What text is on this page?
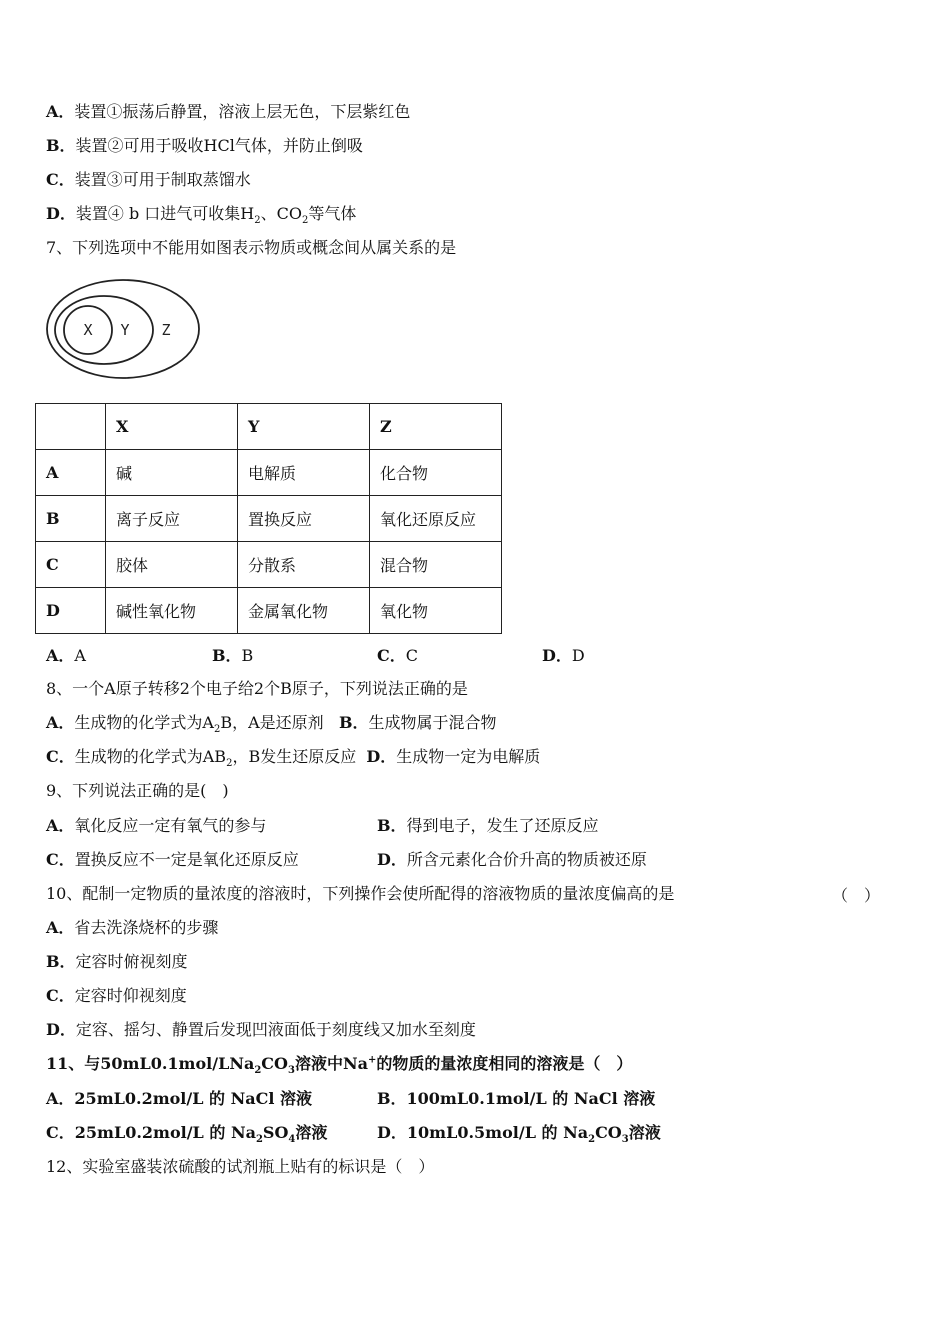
A．装置①振荡后静置，溶液上层无色，下层紫红色
B．装置②可用于吸收HCl气体，并防止倒吸
C．装置③可用于制取蒸馏水
D．装置④ b 口进气可收集$H_2$、$CO_2$等气体
7、下列选项中不能用如图表示物质或概念间从属关系的是
X Y Z
	X	Y	Z
A	碱	电解质	化合物
B	离子反应	置换反应	氧化还原反应
C	胶体	分散系	混合物
D	碱性氧化物	金属氧化物	氧化物
A．A	B．B	C．C	D．D
8、一个A原子转移2个电子给2个B原子，下列说法正确的是
A．生成物的化学式为$A_2B$，A是还原剂 B．生成物属于混合物
C．生成物的化学式为$AB_2$，B发生还原反应 D．生成物一定为电解质
9、下列说法正确的是(　)
A．氧化反应一定有氧气的参与	B．得到电子，发生了还原反应
C．置换反应不一定是氧化还原反应	D．所含元素化合价升高的物质被还原
10、配制一定物质的量浓度的溶液时，下列操作会使所配得的溶液物质的量浓度偏高的是	（　）
A．省去洗涤烧杯的步骤
B．定容时俯视刻度
C．定容时仰视刻度
D．定容、摇匀、静置后发现凹液面低于刻度线又加水至刻度
11、与$50mL0.1mol/LNa_2CO_3$溶液中Na+的物质的量浓度相同的溶液是（　）
A．25mL0.2mol/L 的 NaCl 溶液	B．100mL0.1mol/L 的 NaCl 溶液
C．25mL0.2mol/L 的 $Na_2SO_4$溶液	D．10mL0.5mol/L 的 $Na_2CO_3$溶液
12、实验室盛装浓硫酸的试剂瓶上贴有的标识是（　）
